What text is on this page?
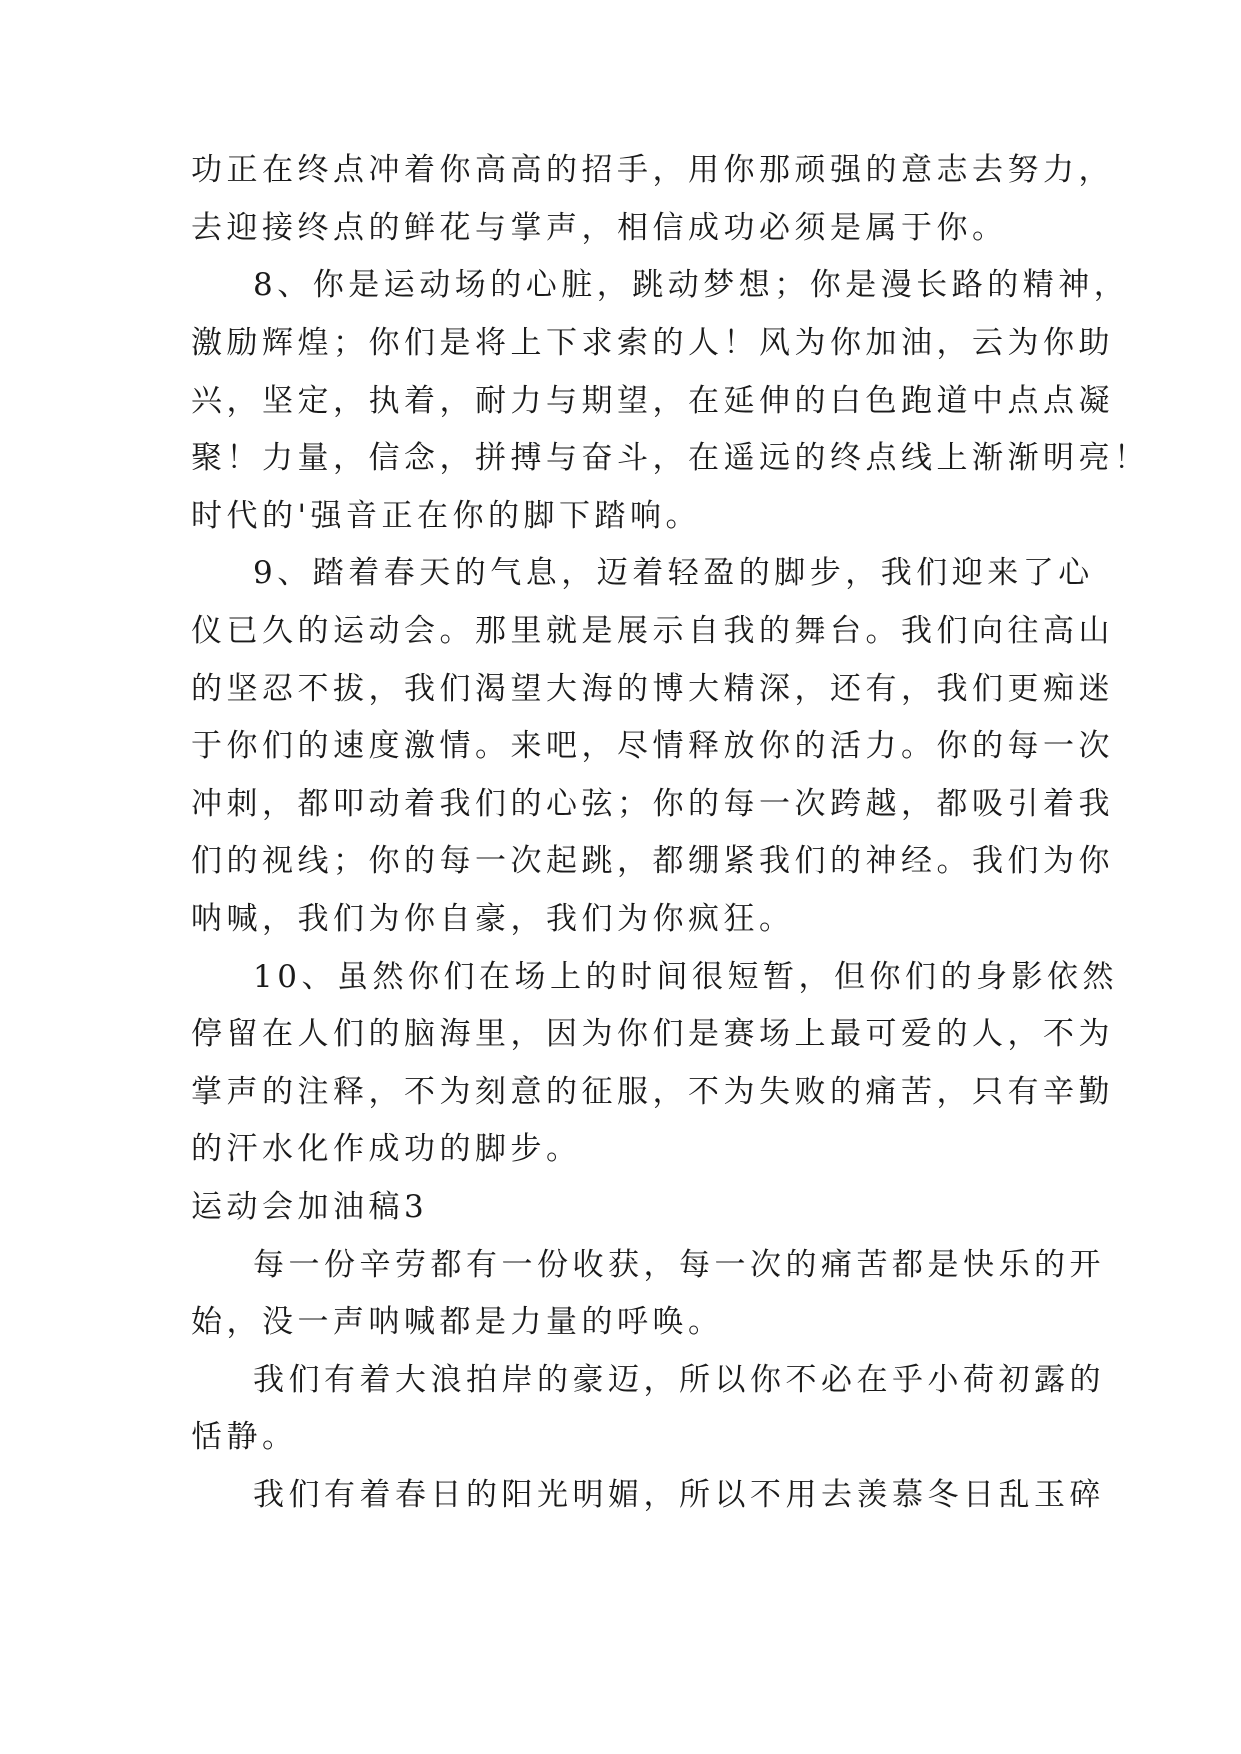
功正在终点冲着你高高的招手，用你那顽强的意志去努力，
去迎接终点的鲜花与掌声，相信成功必须是属于你。
8、你是运动场的心脏，跳动梦想；你是漫长路的精神，
激励辉煌；你们是将上下求索的人！风为你加油，云为你助
兴，坚定，执着，耐力与期望，在延伸的白色跑道中点点凝
聚！力量，信念，拼搏与奋斗，在遥远的终点线上渐渐明亮！
时代的'强音正在你的脚下踏响。
9、踏着春天的气息，迈着轻盈的脚步，我们迎来了心
仪已久的运动会。那里就是展示自我的舞台。我们向往高山
的坚忍不拔，我们渴望大海的博大精深，还有，我们更痴迷
于你们的速度激情。来吧，尽情释放你的活力。你的每一次
冲刺，都叩动着我们的心弦；你的每一次跨越，都吸引着我
们的视线；你的每一次起跳，都绷紧我们的神经。我们为你
呐喊，我们为你自豪，我们为你疯狂。
10、虽然你们在场上的时间很短暂，但你们的身影依然
停留在人们的脑海里，因为你们是赛场上最可爱的人，不为
掌声的注释，不为刻意的征服，不为失败的痛苦，只有辛勤
的汗水化作成功的脚步。
运动会加油稿3
每一份辛劳都有一份收获，每一次的痛苦都是快乐的开
始，没一声呐喊都是力量的呼唤。
我们有着大浪拍岸的豪迈，所以你不必在乎小荷初露的
恬静。
我们有着春日的阳光明媚，所以不用去羡慕冬日乱玉碎
